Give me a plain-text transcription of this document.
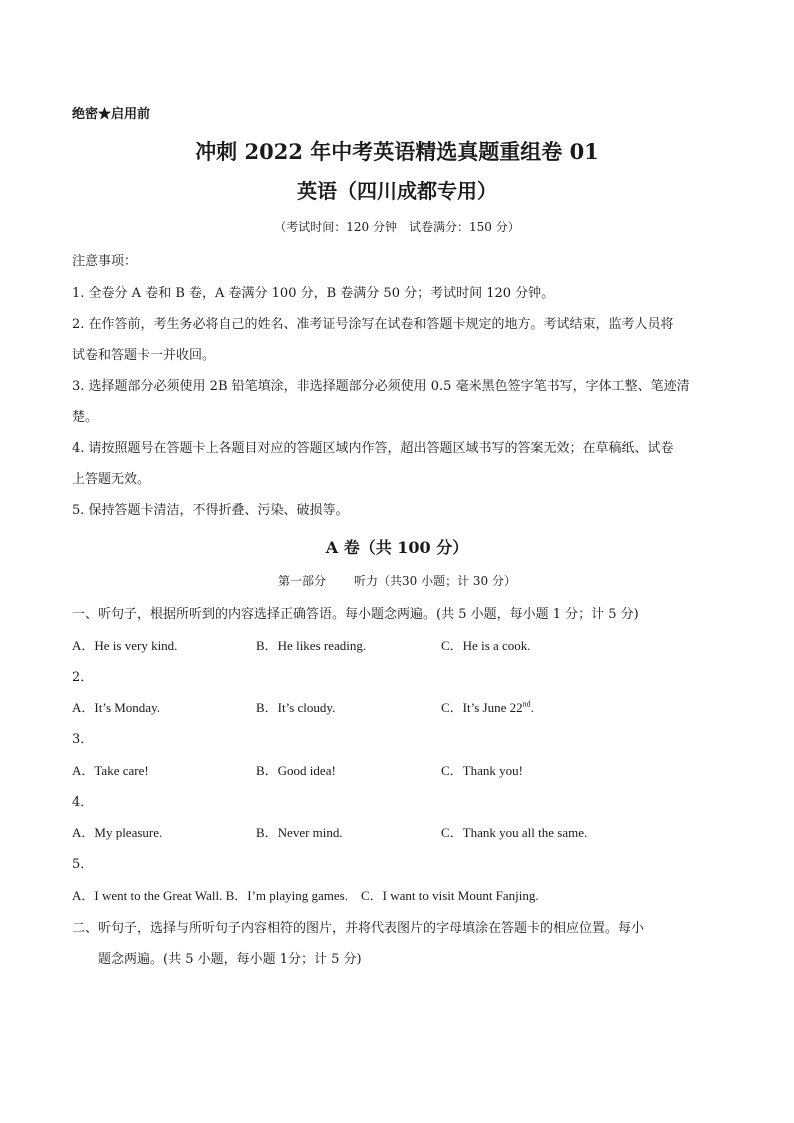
绝密★启用前
冲刺 2022 年中考英语精选真题重组卷 01
英语（四川成都专用）
（考试时间：120 分钟　试卷满分：150 分）
注意事项：
1. 全卷分 A 卷和 B 卷，A 卷满分 100 分，B 卷满分 50 分；考试时间 120 分钟。
2. 在作答前，考生务必将自己的姓名、准考证号涂写在试卷和答题卡规定的地方。考试结束，监考人员将
试卷和答题卡一并收回。
3. 选择题部分必须使用 2B 铅笔填涂，非选择题部分必须使用 0.5 毫米黑色签字笔书写，字体工整、笔迹清
楚。
4. 请按照题号在答题卡上各题目对应的答题区域内作答，超出答题区域书写的答案无效；在草稿纸、试卷
上答题无效。
5. 保持答题卡清洁，不得折叠、污染、破损等。
A 卷（共 100 分）
第一部分 听力（共30 小题；计 30 分）
一、听句子，根据所听到的内容选择正确答语。每小题念两遍。(共 5 小题，每小题 1 分；计 5 分)
A．He is very kind.	B．He likes reading.	C．He is a cook.
2．
A．It’s Monday.	B．It’s cloudy.	C．It’s June 22nd.
3．
A．Take care!	B．Good idea!	C．Thank you!
4．
A．My pleasure.	B．Never mind.	C．Thank you all the same.
5．
A．I went to the Great Wall. B．I’m playing games.　C．I want to visit Mount Fanjing.
二、听句子，选择与所听句子内容相符的图片，并将代表图片的字母填涂在答题卡的相应位置。每小
题念两遍。(共 5 小题，每小题 1分；计 5 分)
